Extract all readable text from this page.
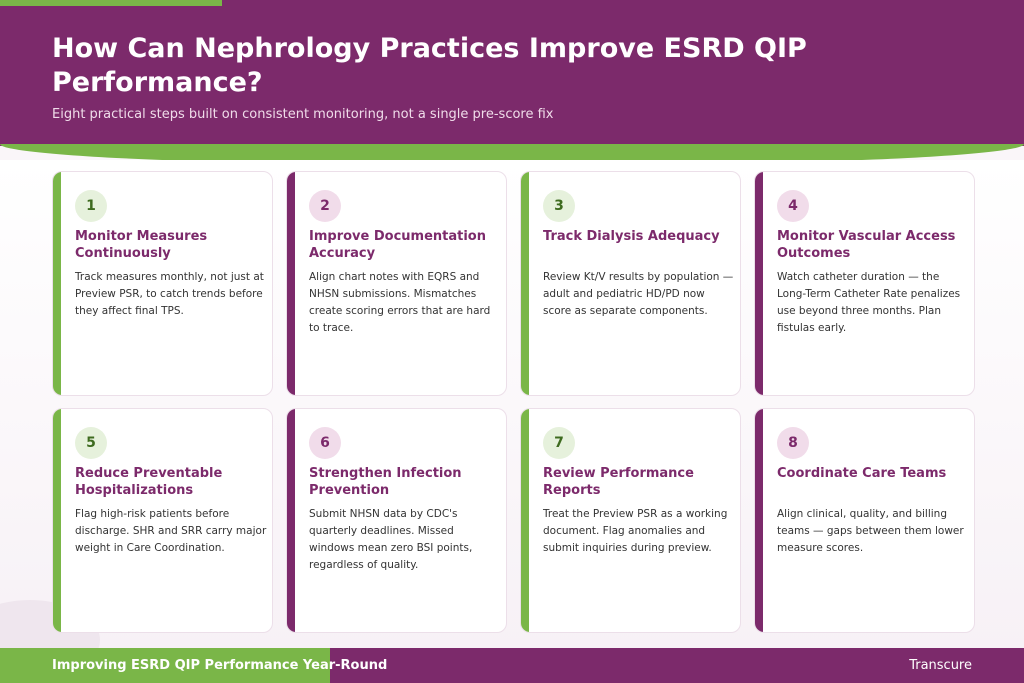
How Can Nephrology Practices Improve ESRD QIP Performance?

Eight practical steps built on consistent monitoring, not a single pre-score fix

1
Monitor Measures Continuously
Track measures monthly, not just at Preview PSR, to catch trends before they affect final TPS.
2
Improve Documentation Accuracy
Align chart notes with EQRS and NHSN submissions. Mismatches create scoring errors that are hard to trace.
3
Track Dialysis Adequacy
Review Kt/V results by population — adult and pediatric HD/PD now score as separate components.
4
Monitor Vascular Access Outcomes
Watch catheter duration — the Long-Term Catheter Rate penalizes use beyond three months. Plan fistulas early.
5
Reduce Preventable Hospitalizations
Flag high-risk patients before discharge. SHR and SRR carry major weight in Care Coordination.
6
Strengthen Infection Prevention
Submit NHSN data by CDC's quarterly deadlines. Missed windows mean zero BSI points, regardless of quality.
7
Review Performance Reports
Treat the Preview PSR as a working document. Flag anomalies and submit inquiries during preview.
8
Coordinate Care Teams
Align clinical, quality, and billing teams — gaps between them lower measure scores.
Improving ESRD QIP Performance Year-Round	Transcure
